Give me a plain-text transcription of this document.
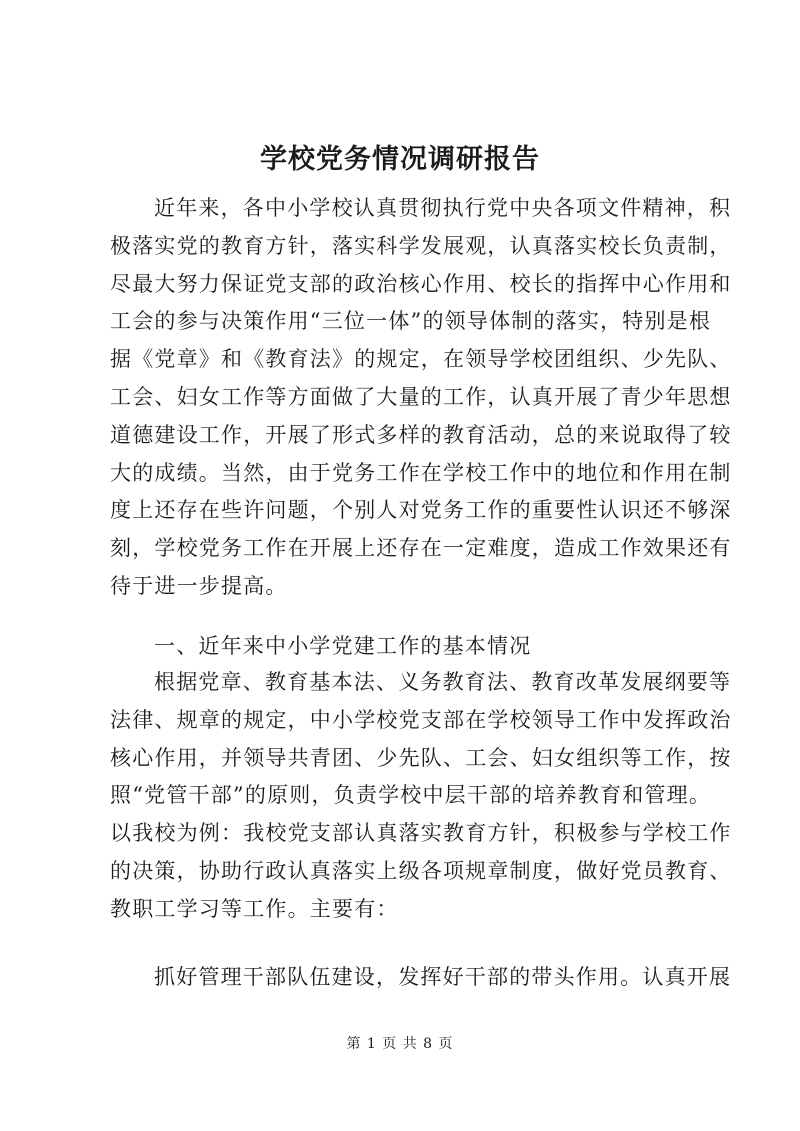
学校党务情况调研报告
近年来，各中小学校认真贯彻执行党中央各项文件精神，积
极落实党的教育方针，落实科学发展观，认真落实校长负责制，
尽最大努力保证党支部的政治核心作用、校长的指挥中心作用和
工会的参与决策作用“三位一体”的领导体制的落实，特别是根
据《党章》和《教育法》的规定，在领导学校团组织、少先队、
工会、妇女工作等方面做了大量的工作，认真开展了青少年思想
道德建设工作，开展了形式多样的教育活动，总的来说取得了较
大的成绩。当然，由于党务工作在学校工作中的地位和作用在制
度上还存在些许问题，个别人对党务工作的重要性认识还不够深
刻，学校党务工作在开展上还存在一定难度，造成工作效果还有
待于进一步提高。
一、近年来中小学党建工作的基本情况
根据党章、教育基本法、义务教育法、教育改革发展纲要等
法律、规章的规定，中小学校党支部在学校领导工作中发挥政治
核心作用，并领导共青团、少先队、工会、妇女组织等工作，按
照“党管干部”的原则，负责学校中层干部的培养教育和管理。
以我校为例：我校党支部认真落实教育方针，积极参与学校工作
的决策，协助行政认真落实上级各项规章制度，做好党员教育、
教职工学习等工作。主要有：
抓好管理干部队伍建设，发挥好干部的带头作用。认真开展
第 1 页 共 8 页
